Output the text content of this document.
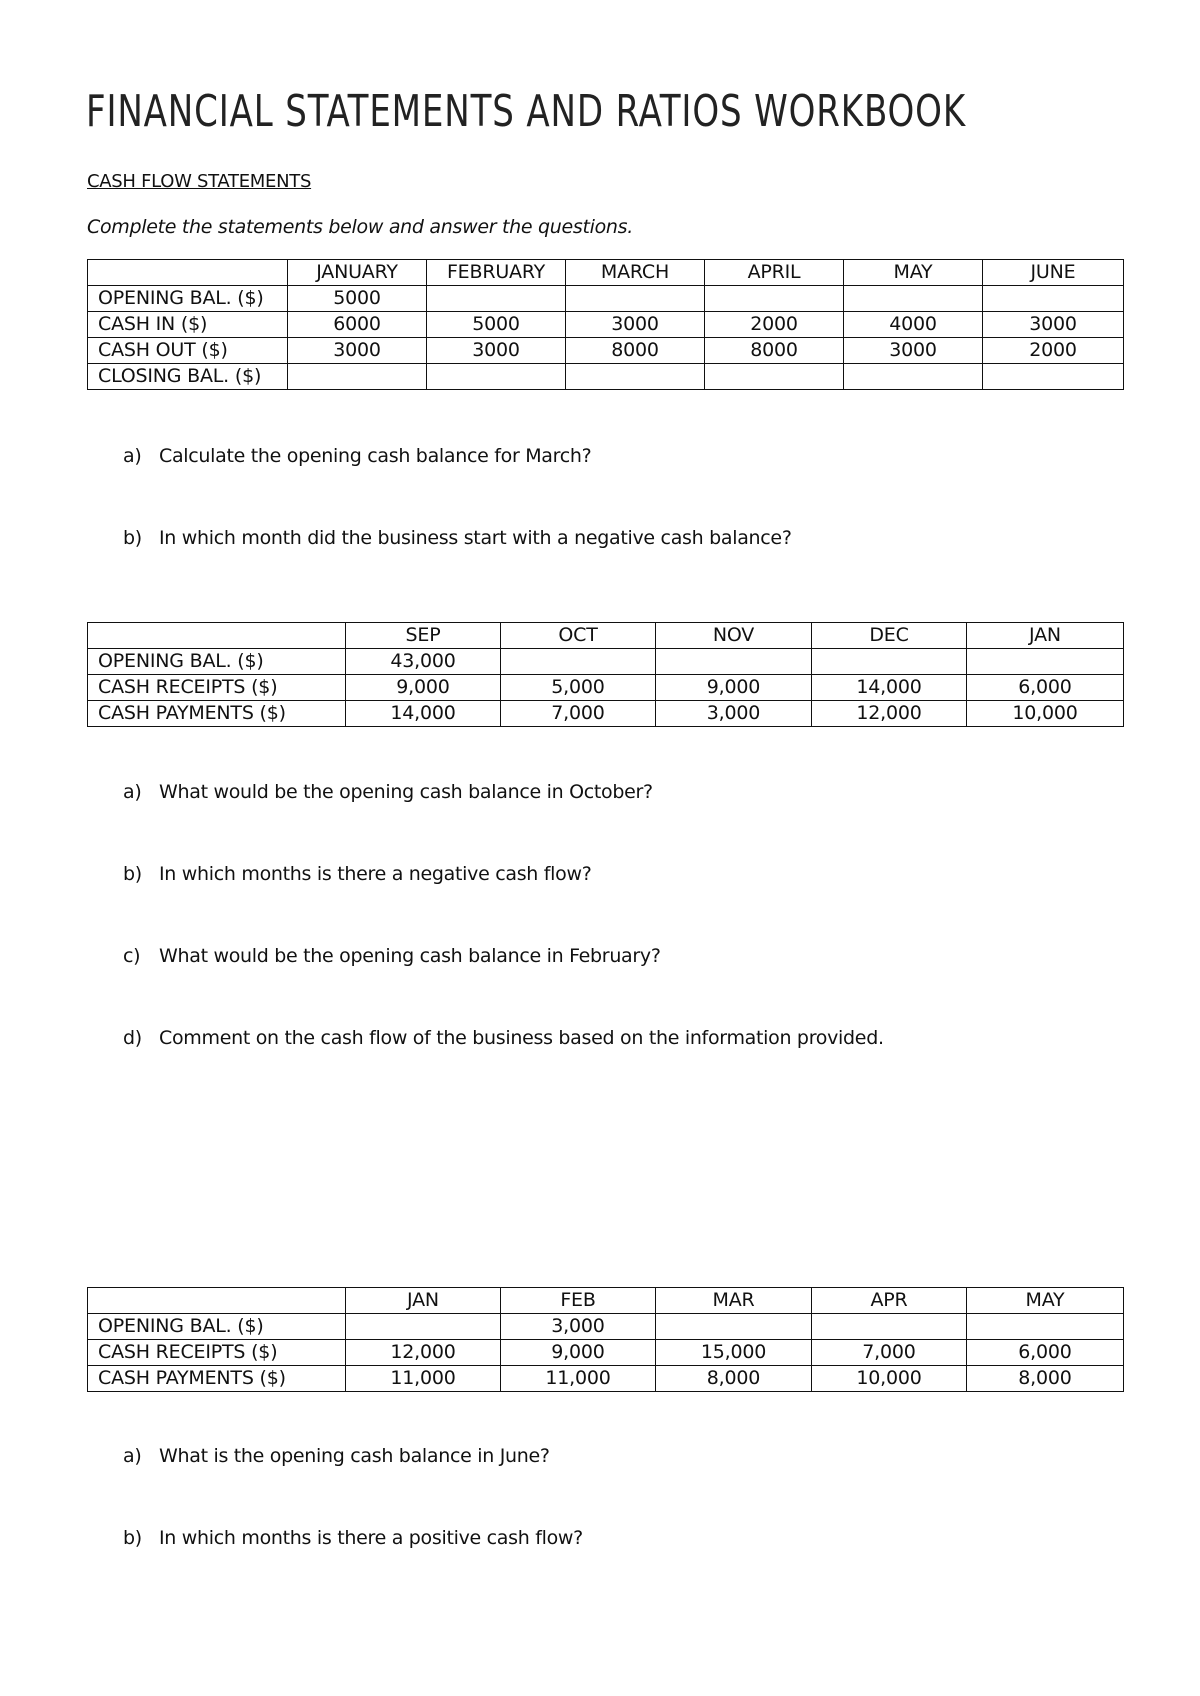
FINANCIAL STATEMENTS AND RATIOS WORKBOOK
CASH FLOW STATEMENTS
Complete the statements below and answer the questions.
	JANUARY	FEBRUARY	MARCH	APRIL	MAY	JUNE
OPENING BAL. ($)	5000					
CASH IN ($)	6000	5000	3000	2000	4000	3000
CASH OUT ($)	3000	3000	8000	8000	3000	2000
CLOSING BAL. ($)						
a) Calculate the opening cash balance for March?
b) In which month did the business start with a negative cash balance?
	SEP	OCT	NOV	DEC	JAN
OPENING BAL. ($)	43,000				
CASH RECEIPTS ($)	9,000	5,000	9,000	14,000	6,000
CASH PAYMENTS ($)	14,000	7,000	3,000	12,000	10,000
a) What would be the opening cash balance in October?
b) In which months is there a negative cash flow?
c) What would be the opening cash balance in February?
d) Comment on the cash flow of the business based on the information provided.
	JAN	FEB	MAR	APR	MAY
OPENING BAL. ($)		3,000			
CASH RECEIPTS ($)	12,000	9,000	15,000	7,000	6,000
CASH PAYMENTS ($)	11,000	11,000	8,000	10,000	8,000
a) What is the opening cash balance in June?
b) In which months is there a positive cash flow?
